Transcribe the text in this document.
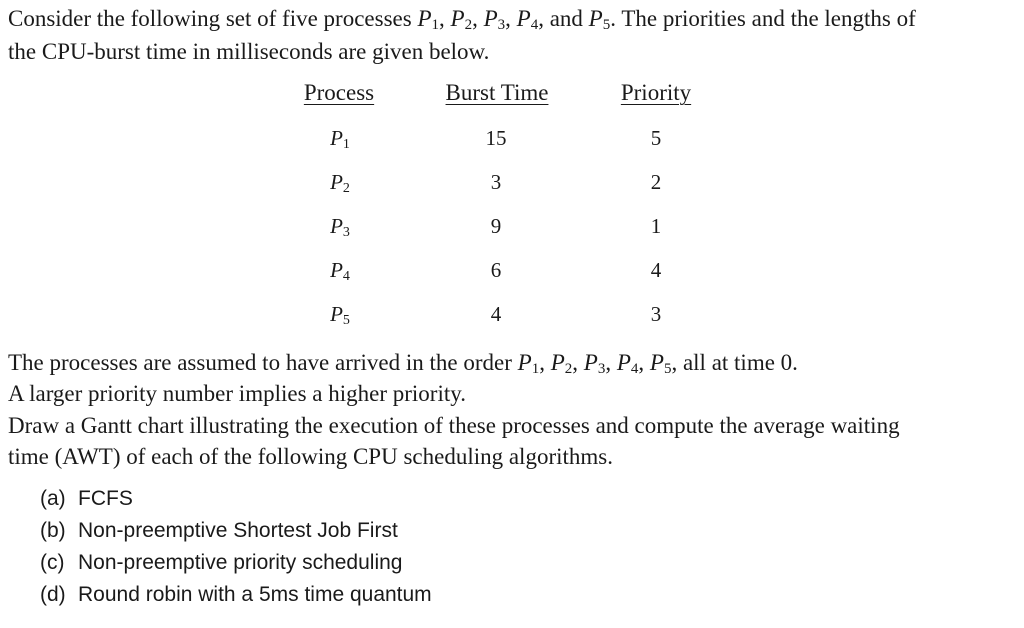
Consider the following set of five processes $P_1$, $P_2$, $P_3$, $P_4$, and $P_5$. The priorities and the lengths of
the CPU-burst time in milliseconds are given below.
Process	Burst Time	Priority
$P_1$	15	5
$P_2$	3	2
$P_3$	9	1
$P_4$	6	4
$P_5$	4	3
The processes are assumed to have arrived in the order $P_1$, $P_2$, $P_3$, $P_4$, $P_5$, all at time 0.
A larger priority number implies a higher priority.
Draw a Gantt chart illustrating the execution of these processes and compute the average waiting
time (AWT) of each of the following CPU scheduling algorithms.
(a) FCFS
(b) Non-preemptive Shortest Job First
(c) Non-preemptive priority scheduling
(d) Round robin with a 5ms time quantum
